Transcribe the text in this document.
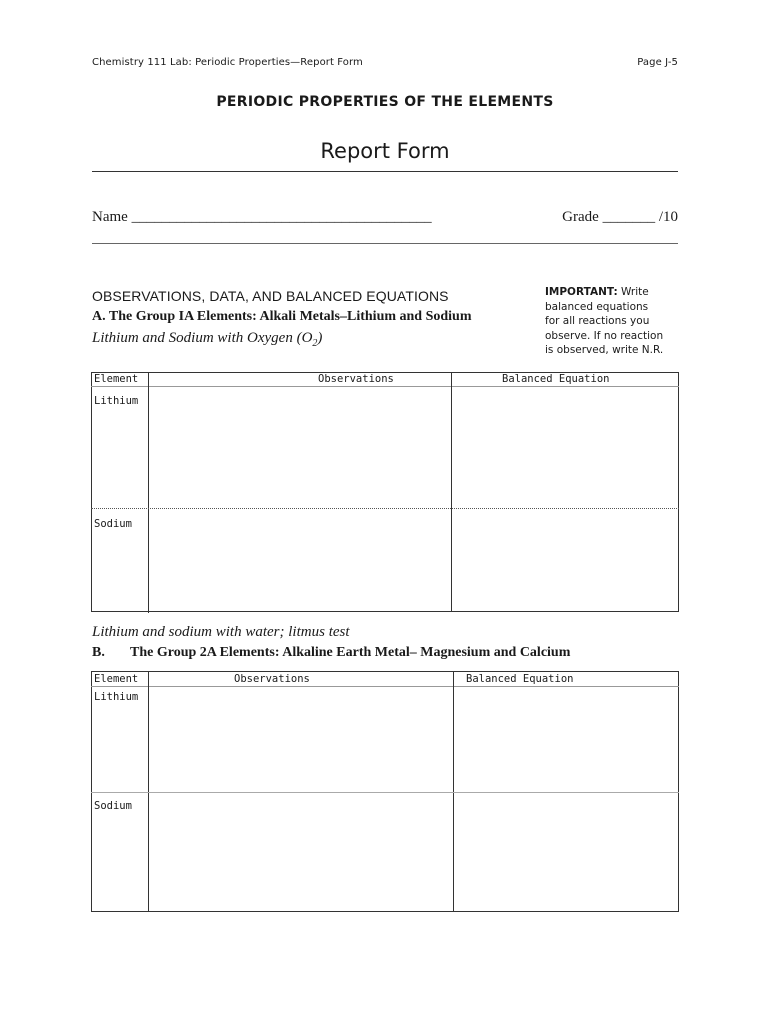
Chemistry 111 Lab: Periodic Properties—Report Form	Page J-5
PERIODIC PROPERTIES OF THE ELEMENTS
Report Form
Name ________________________________________	Grade _______ /10
OBSERVATIONS, DATA, AND BALANCED EQUATIONS
A. The Group IA Elements: Alkali Metals–Lithium and Sodium
Lithium and Sodium with Oxygen $(O_2)$
IMPORTANT: Write
balanced equations
for all reactions you
observe. If no reaction
is observed, write N.R.
Element	Observations	Balanced Equation
Lithium
Sodium
Lithium and sodium with water; litmus test
B. The Group 2A Elements: Alkaline Earth Metal– Magnesium and Calcium
Element	Observations	Balanced Equation
Lithium
Sodium
